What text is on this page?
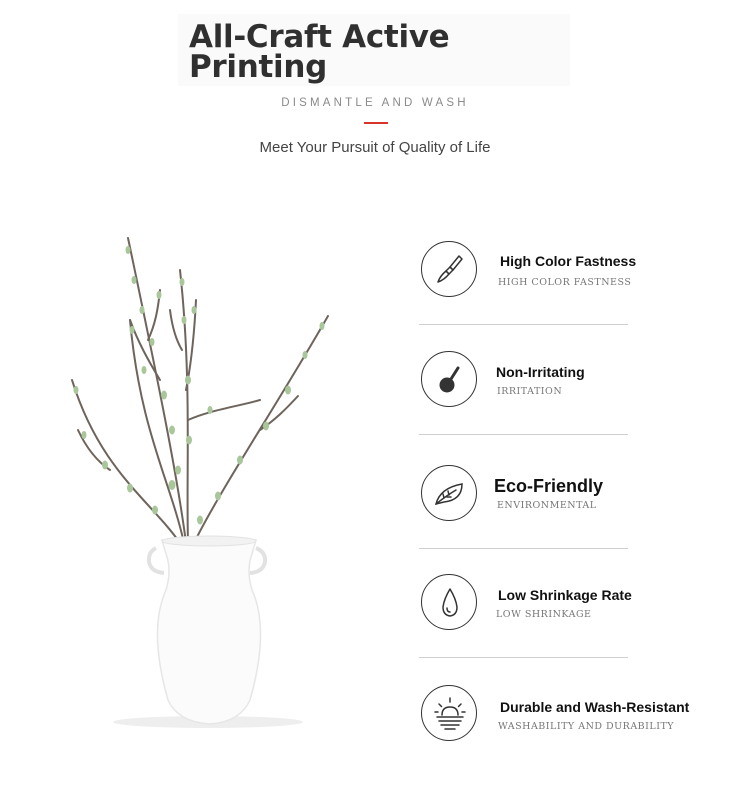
All-Craft Active
Printing
DISMANTLE AND WASH
Meet Your Pursuit of Quality of Life
High Color Fastness
HIGH COLOR FASTNESS
Non-Irritating
IRRITATION
Eco-Friendly
ENVIRONMENTAL
Low Shrinkage Rate
LOW SHRINKAGE
Durable and Wash-Resistant
WASHABILITY AND DURABILITY
